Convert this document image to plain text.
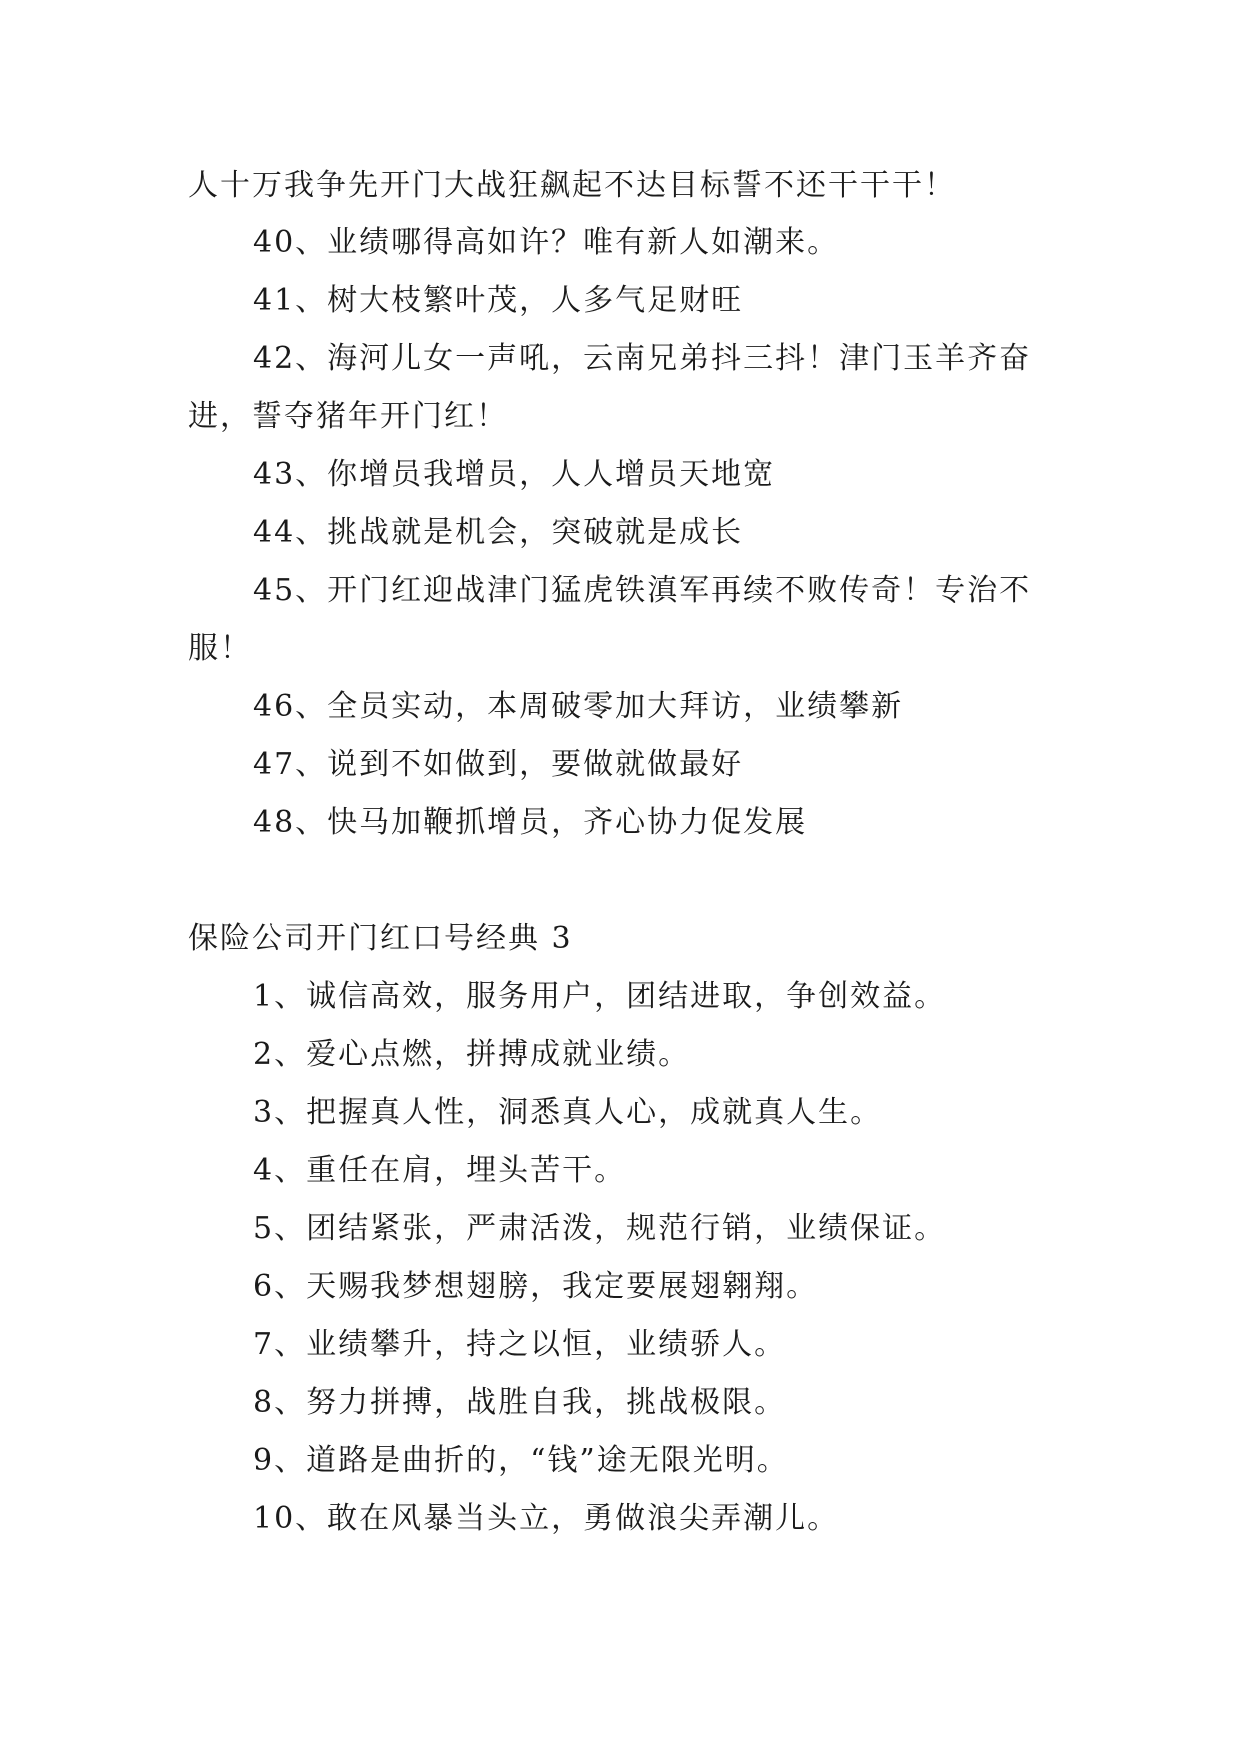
人十万我争先开门大战狂飙起不达目标誓不还干干干！
40、业绩哪得高如许？唯有新人如潮来。
41、树大枝繁叶茂，人多气足财旺
42、海河儿女一声吼，云南兄弟抖三抖！津门玉羊齐奋
进，誓夺猪年开门红！
43、你增员我增员，人人增员天地宽
44、挑战就是机会，突破就是成长
45、开门红迎战津门猛虎铁滇军再续不败传奇！专治不
服！
46、全员实动，本周破零加大拜访，业绩攀新
47、说到不如做到，要做就做最好
48、快马加鞭抓增员，齐心协力促发展
保险公司开门红口号经典 3
1、诚信高效，服务用户，团结进取，争创效益。
2、爱心点燃，拼搏成就业绩。
3、把握真人性，洞悉真人心，成就真人生。
4、重任在肩，埋头苦干。
5、团结紧张，严肃活泼，规范行销，业绩保证。
6、天赐我梦想翅膀，我定要展翅翱翔。
7、业绩攀升，持之以恒，业绩骄人。
8、努力拼搏，战胜自我，挑战极限。
9、道路是曲折的，“钱”途无限光明。
10、敢在风暴当头立，勇做浪尖弄潮儿。
